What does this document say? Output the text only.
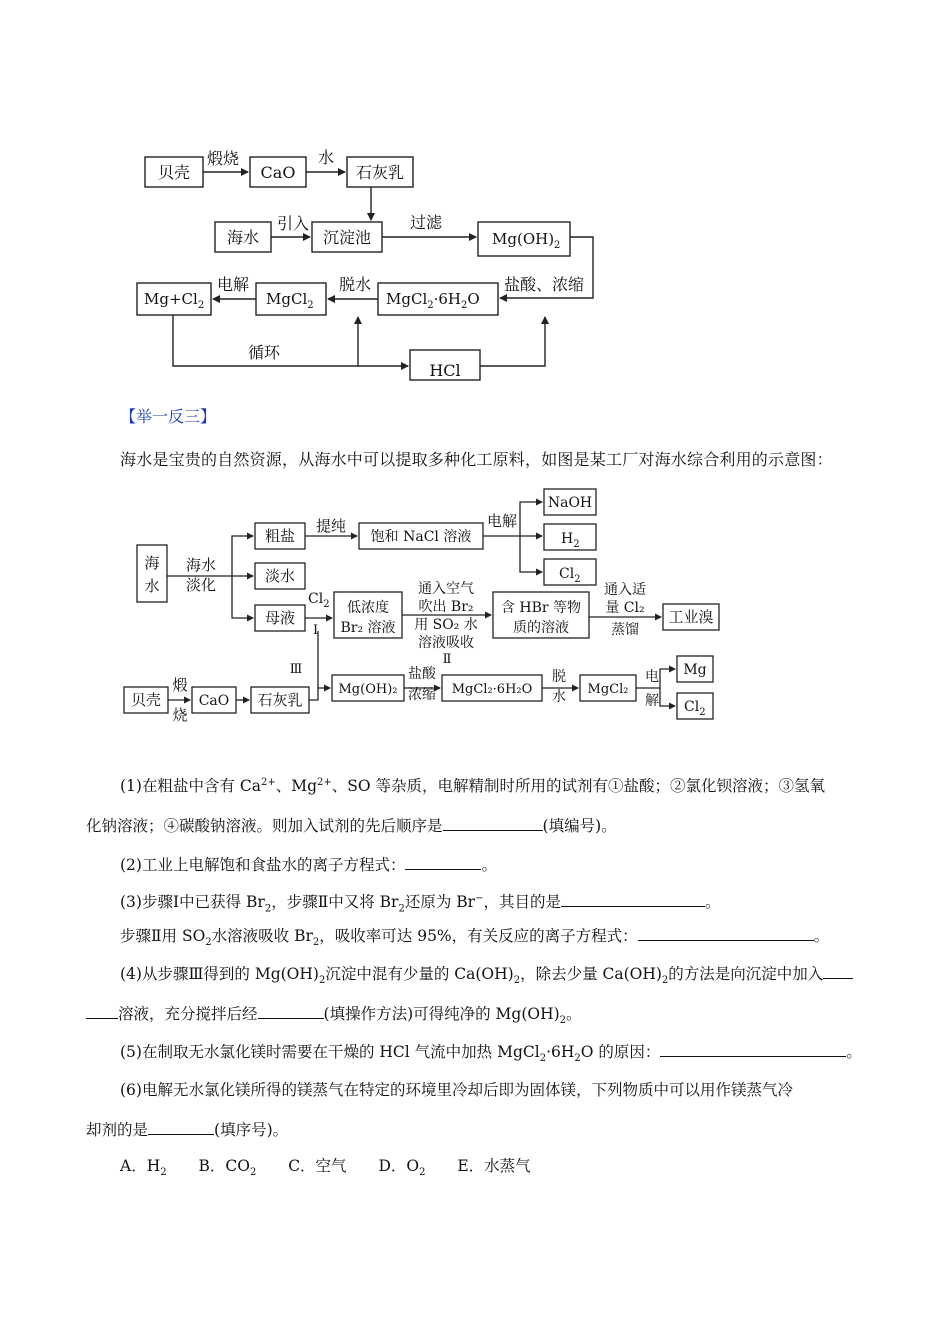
贝壳	CaO	石灰乳
海水	沉淀池
HCl
$Mg(OH)_2$
$MgCl_2\cdot 6H_2O$
MgCl$_2$
$Mg+Cl_2$
煅烧	水
引入	过滤
盐酸、浓缩
脱水
电解
循环
【举一反三】
海水是宝贵的自然资源，从海水中可以提取多种化工原料，如图是某工厂对海水综合利用的示意图：
海
水
海水
淡化
粗盐
淡水
母液
提纯
饱和 NaCl 溶液
电解
NaOH
低浓度
Br₂ 溶液
通入空气
吹出 Br₂
用 SO₂ 水
溶液吸收
Ⅱ
含 HBr 等物
质的溶液
通入适
量 Cl₂
蒸馏
工业溴
贝壳
煅
烧
CaO 石灰乳
Ⅲ
Mg(OH)₂
盐酸
浓缩 MgCl₂·6H₂O
脱
水 MgCl₂
电
解
Mg
$H_2$
$Cl_2$
$Cl_2$
Ⅰ
$Cl_2$
(1)在粗盐中含有 $Ca^{2+}$、$Mg^{2+}$、SO 等杂质，电解精制时所用的试剂有①盐酸；②氯化钡溶液；③氢氧
化钠溶液；④碳酸钠溶液。则加入试剂的先后顺序是	(填编号)。
(2)工业上电解饱和食盐水的离子方程式：	。
(3)步骤Ⅰ中已获得 $Br_2$，步骤Ⅱ中又将 $Br_2$还原为 Br−，其目的是	。
步骤Ⅱ用 $SO_2$水溶液吸收 $Br_2$，吸收率可达 95%，有关反应的离子方程式：	。
(4)从步骤Ⅲ得到的 $Mg(OH)_2$沉淀中混有少量的 $Ca(OH)_2$，除去少量 $Ca(OH)_2$的方法是向沉淀中加入
溶液，充分搅拌后经	(填操作方法)可得纯净的 $Mg(OH)_2$。
(5)在制取无水氯化镁时需要在干燥的 HCl 气流中加热 $MgCl_2\cdot 6H_2O$ 的原因：	。
(6)电解无水氯化镁所得的镁蒸气在特定的环境里冷却后即为固体镁，下列物质中可以用作镁蒸气冷
却剂的是	(填序号)。
A．$H_2$ B．$CO_2$ C．空气 D．$O_2$ E．水蒸气
